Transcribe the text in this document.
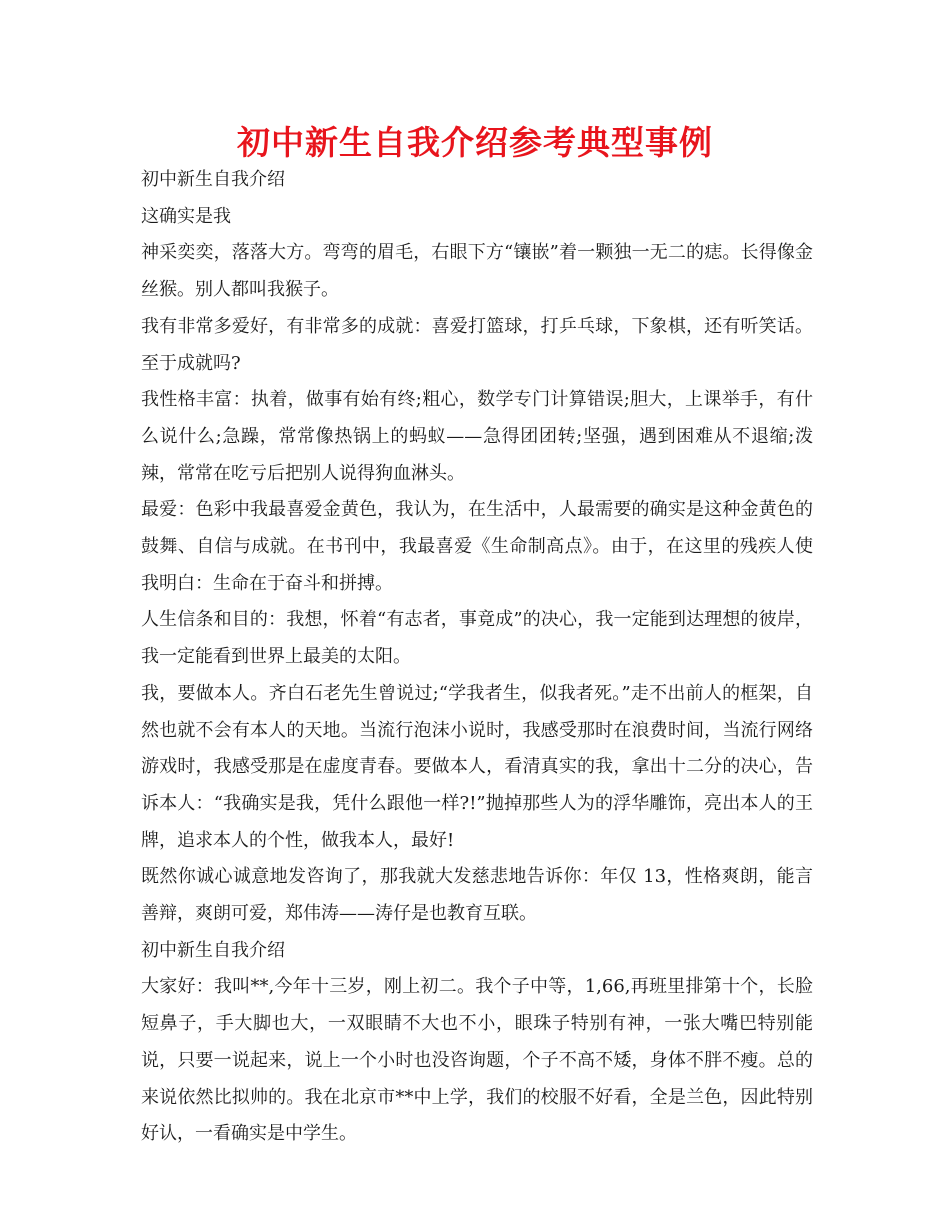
初中新生自我介绍参考典型事例

初中新生自我介绍

这确实是我

神采奕奕，落落大方。弯弯的眉毛，右眼下方“镶嵌”着一颗独一无二的痣。长得像金丝猴。别人都叫我猴子。

我有非常多爱好，有非常多的成就：喜爱打篮球，打乒乓球，下象棋，还有听笑话。至于成就吗?

我性格丰富：执着，做事有始有终;粗心，数学专门计算错误;胆大，上课举手，有什么说什么;急躁，常常像热锅上的蚂蚁——急得团团转;坚强，遇到困难从不退缩;泼辣，常常在吃亏后把别人说得狗血淋头。

最爱：色彩中我最喜爱金黄色，我认为，在生活中，人最需要的确实是这种金黄色的鼓舞、自信与成就。在书刊中，我最喜爱《生命制高点》。由于，在这里的残疾人使我明白：生命在于奋斗和拼搏。

人生信条和目的：我想，怀着“有志者，事竟成”的决心，我一定能到达理想的彼岸，我一定能看到世界上最美的太阳。

我，要做本人。齐白石老先生曾说过;“学我者生，似我者死。”走不出前人的框架，自然也就不会有本人的天地。当流行泡沫小说时，我感受那时在浪费时间，当流行网络游戏时，我感受那是在虚度青春。要做本人，看清真实的我，拿出十二分的决心，告诉本人：“我确实是我，凭什么跟他一样?!”抛掉那些人为的浮华雕饰，亮出本人的王牌，追求本人的个性，做我本人，最好!

既然你诚心诚意地发咨询了，那我就大发慈悲地告诉你：年仅 13，性格爽朗，能言善辩，爽朗可爱，郑伟涛——涛仔是也教育互联。

初中新生自我介绍

大家好：我叫**,今年十三岁，刚上初二。我个子中等，1,66,再班里排第十个，长脸短鼻子，手大脚也大，一双眼睛不大也不小，眼珠子特别有神，一张大嘴巴特别能说，只要一说起来，说上一个小时也没咨询题，个子不高不矮，身体不胖不瘦。总的来说依然比拟帅的。我在北京市**中上学，我们的校服不好看，全是兰色，因此特别好认，一看确实是中学生。
